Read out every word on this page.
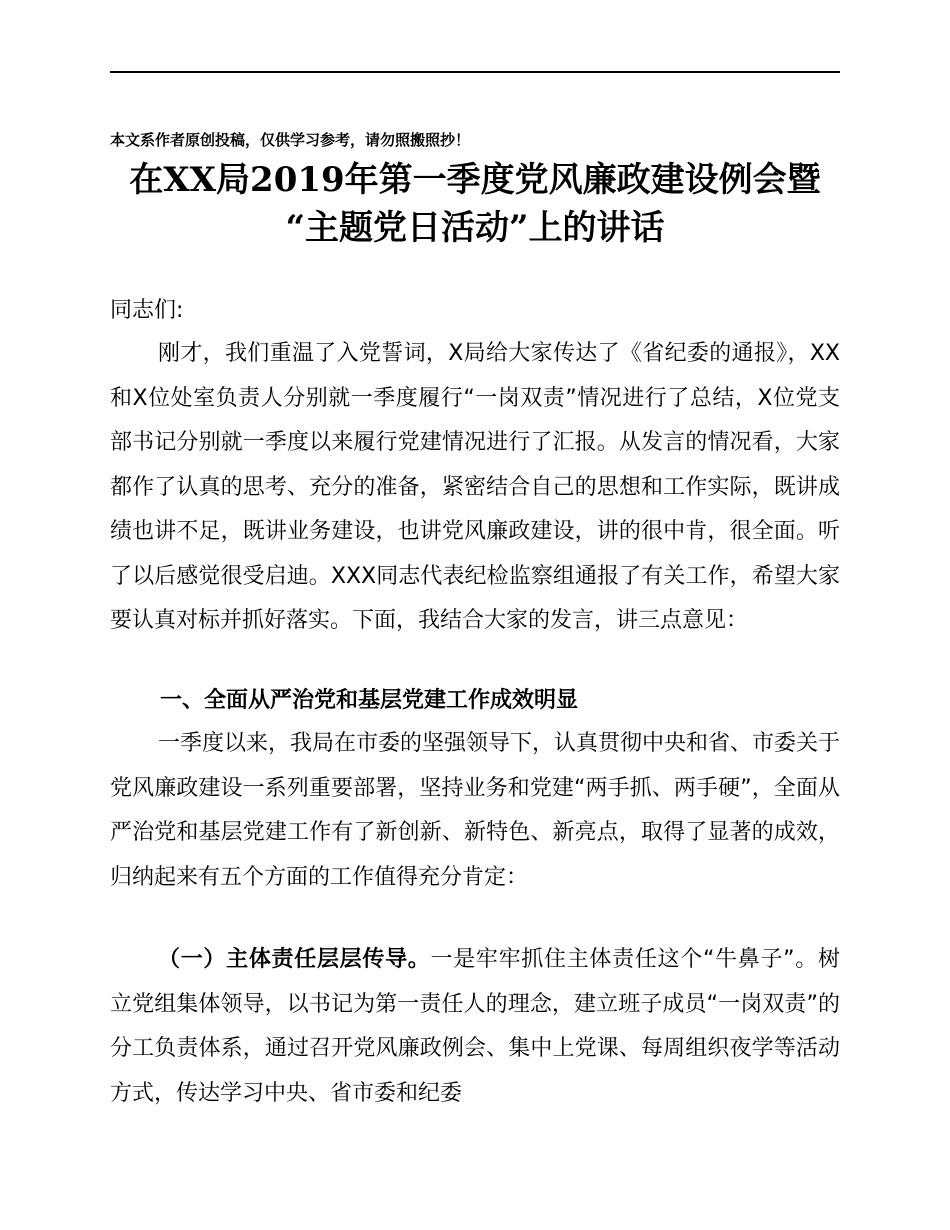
本文系作者原创投稿，仅供学习参考，请勿照搬照抄！
在XX局2019年第一季度党风廉政建设例会暨
“主题党日活动”上的讲话
同志们:
刚才，我们重温了入党誓词，X局给大家传达了《省纪委的通报》，XX和X位处室负责人分别就一季度履行“一岗双责”情况进行了总结，X位党支部书记分别就一季度以来履行党建情况进行了汇报。从发言的情况看，大家都作了认真的思考、充分的准备，紧密结合自己的思想和工作实际，既讲成绩也讲不足，既讲业务建设，也讲党风廉政建设，讲的很中肯，很全面。听了以后感觉很受启迪。XXX同志代表纪检监察组通报了有关工作，希望大家要认真对标并抓好落实。下面，我结合大家的发言，讲三点意见：
一、全面从严治党和基层党建工作成效明显
一季度以来，我局在市委的坚强领导下，认真贯彻中央和省、市委关于党风廉政建设一系列重要部署，坚持业务和党建“两手抓、两手硬”，全面从严治党和基层党建工作有了新创新、新特色、新亮点，取得了显著的成效，归纳起来有五个方面的工作值得充分肯定：
（一）主体责任层层传导。一是牢牢抓住主体责任这个“牛鼻子”。树立党组集体领导，以书记为第一责任人的理念，建立班子成员“一岗双责”的分工负责体系，通过召开党风廉政例会、集中上党课、每周组织夜学等活动方式，传达学习中央、省市委和纪委
